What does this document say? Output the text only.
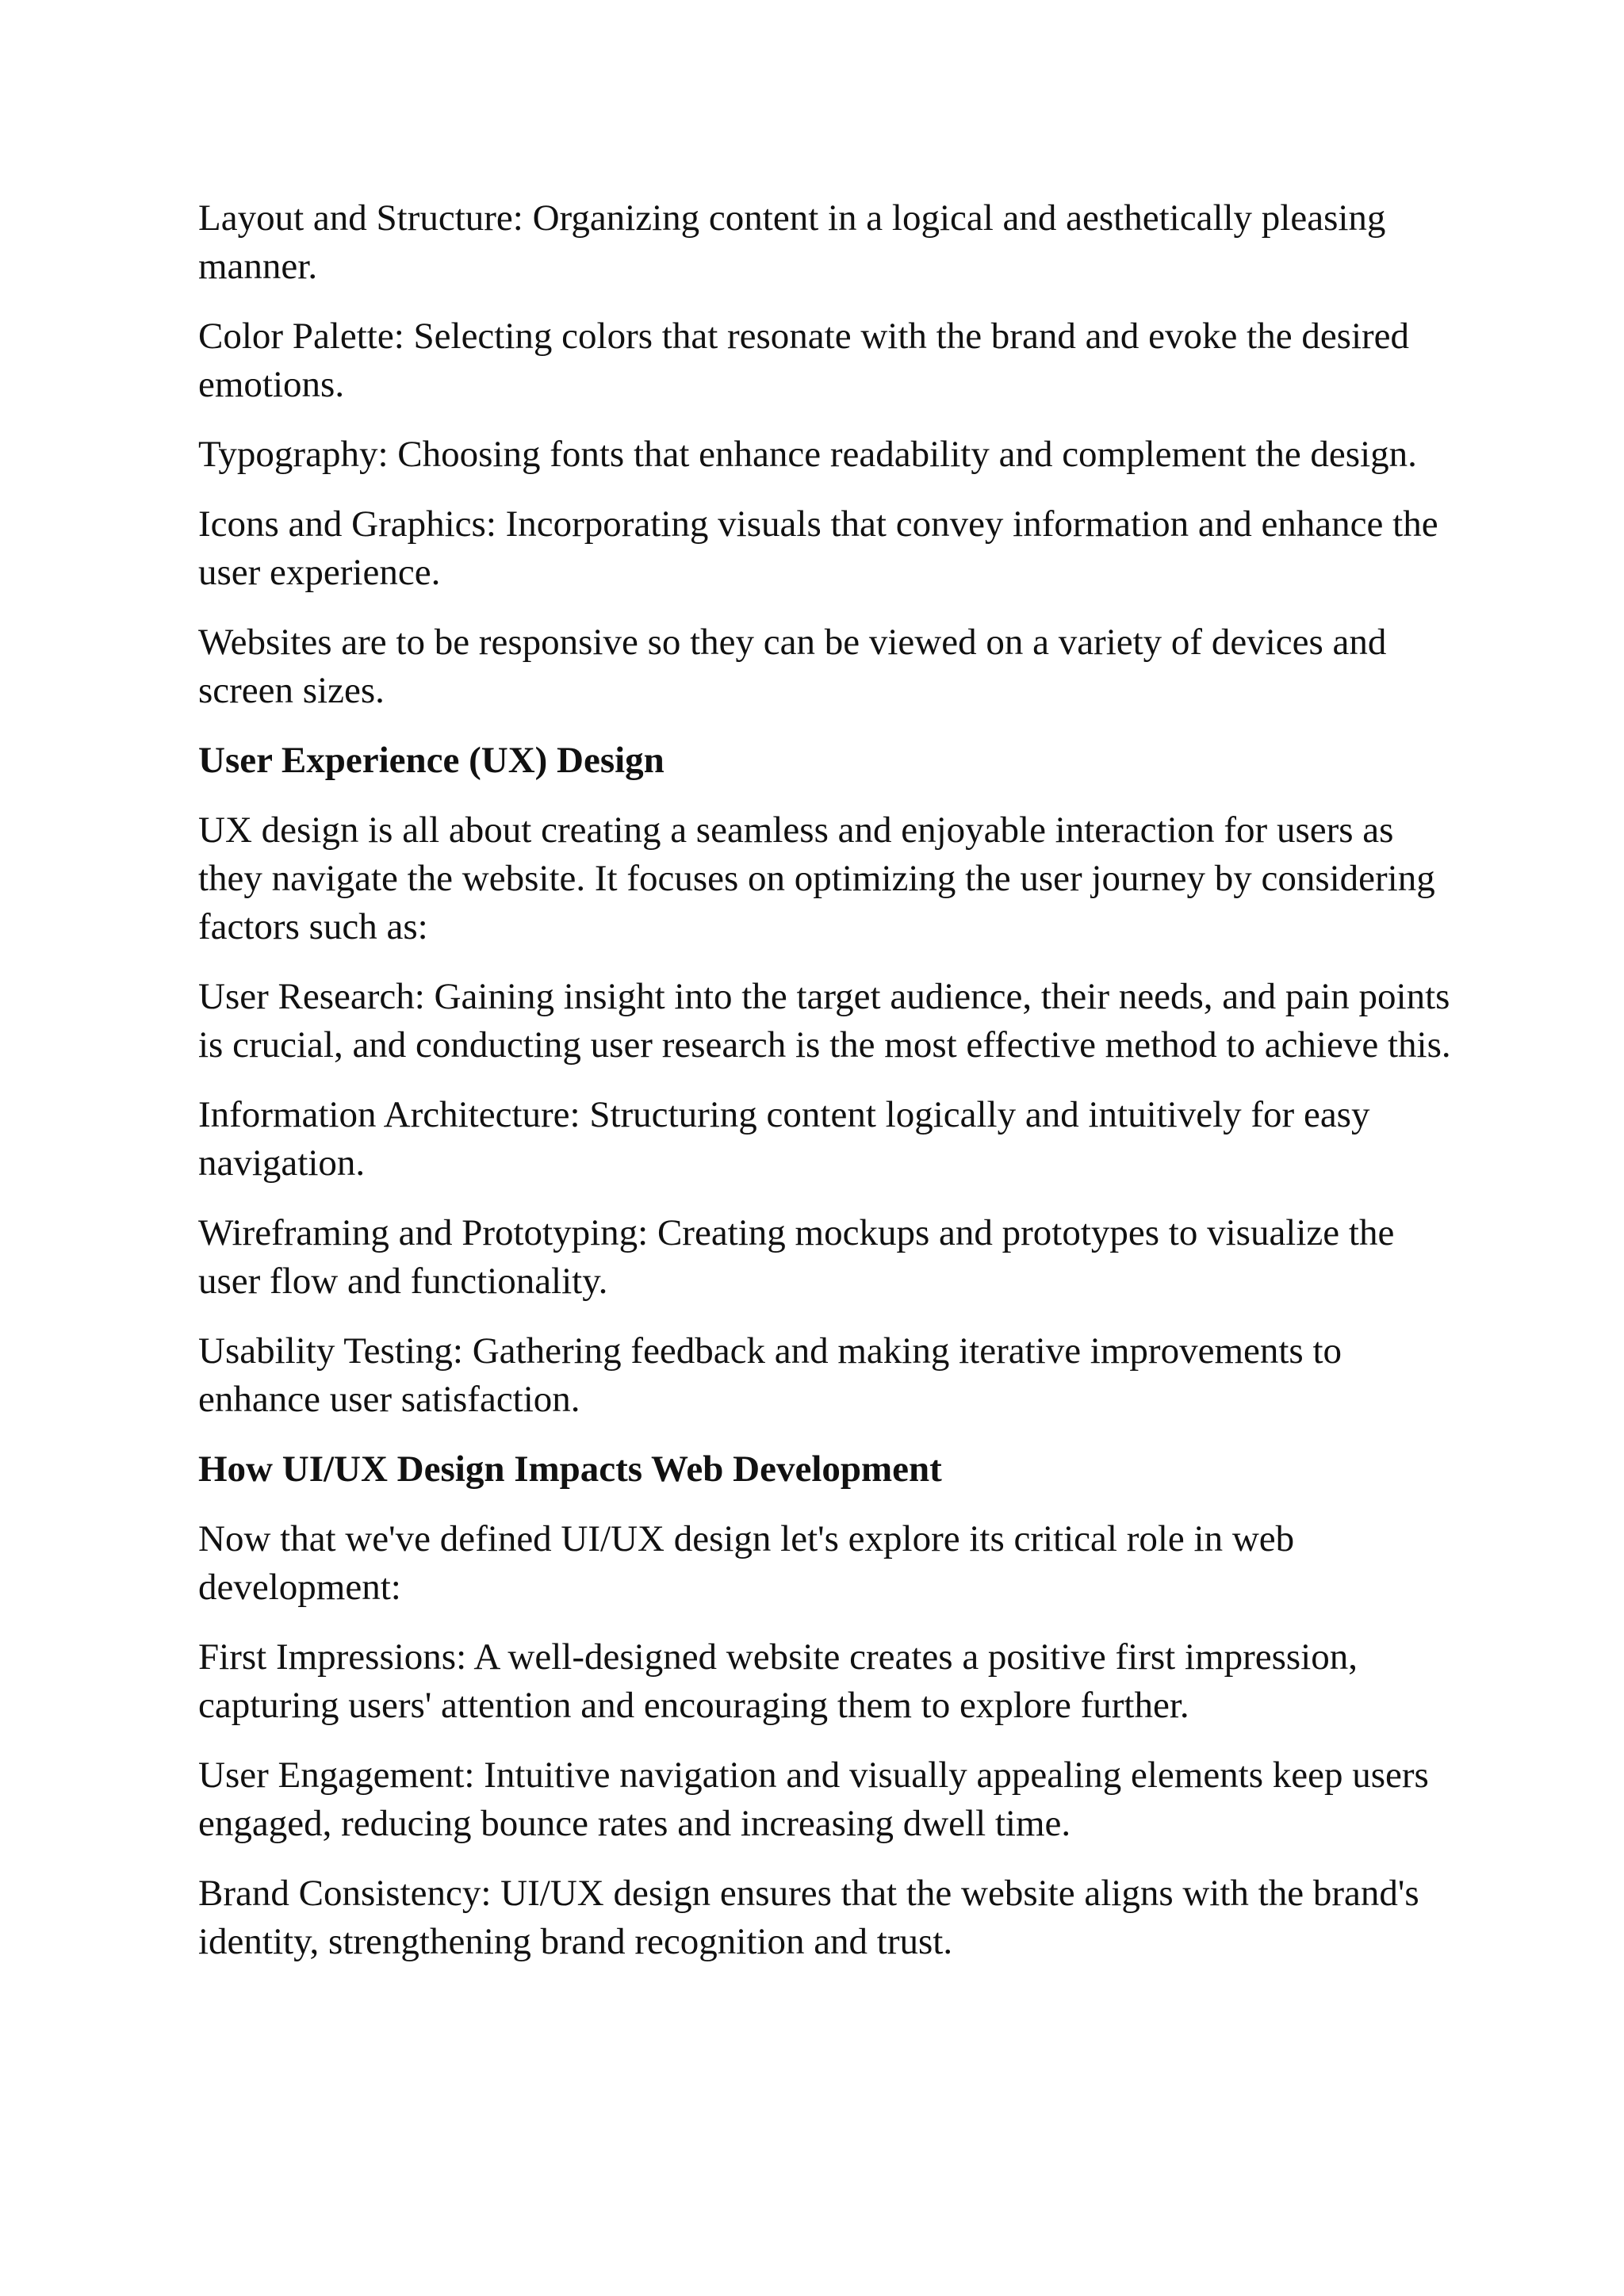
Layout and Structure: Organizing content in a logical and aesthetically pleasing manner.

Color Palette: Selecting colors that resonate with the brand and evoke the desired emotions.

Typography: Choosing fonts that enhance readability and complement the design.

Icons and Graphics: Incorporating visuals that convey information and enhance the user experience.

Websites are to be responsive so they can be viewed on a variety of devices and screen sizes.

User Experience (UX) Design

UX design is all about creating a seamless and enjoyable interaction for users as they navigate the website. It focuses on optimizing the user journey by considering factors such as:

User Research: Gaining insight into the target audience, their needs, and pain points is crucial, and conducting user research is the most effective method to achieve this.

Information Architecture: Structuring content logically and intuitively for easy navigation.

Wireframing and Prototyping: Creating mockups and prototypes to visualize the user flow and functionality.

Usability Testing: Gathering feedback and making iterative improvements to enhance user satisfaction.

How UI/UX Design Impacts Web Development

Now that we've defined UI/UX design let's explore its critical role in web development:

First Impressions: A well-designed website creates a positive first impression, capturing users' attention and encouraging them to explore further.

User Engagement: Intuitive navigation and visually appealing elements keep users engaged, reducing bounce rates and increasing dwell time.

Brand Consistency: UI/UX design ensures that the website aligns with the brand's identity, strengthening brand recognition and trust.
